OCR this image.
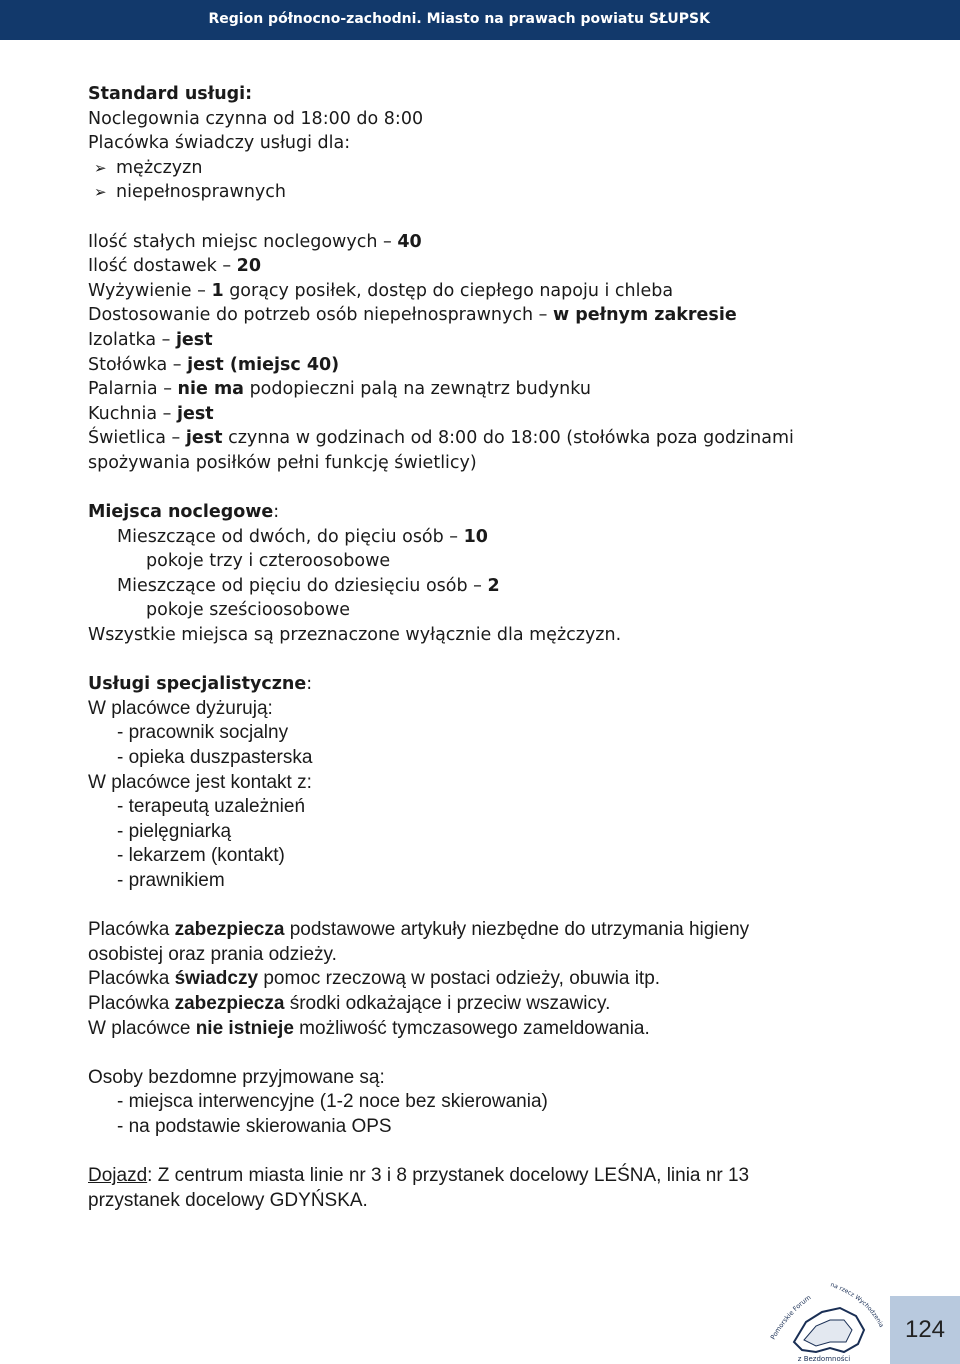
Region północno-zachodni. Miasto na prawach powiatu SŁUPSK
Standard usługi:
Noclegownia czynna od 18:00 do 8:00
Placówka świadczy usługi dla:
➢ mężczyzn
➢ niepełnosprawnych
Ilość stałych miejsc noclegowych – 40
Ilość dostawek – 20
Wyżywienie – 1 gorący posiłek, dostęp do ciepłego napoju i chleba
Dostosowanie do potrzeb osób niepełnosprawnych – w pełnym zakresie
Izolatka – jest
Stołówka – jest (miejsc 40)
Palarnia – nie ma podopieczni palą na zewnątrz budynku
Kuchnia – jest
Świetlica – jest czynna w godzinach od 8:00 do 18:00 (stołówka poza godzinami
spożywania posiłków pełni funkcję świetlicy)
Miejsca noclegowe:
Mieszczące od dwóch, do pięciu osób – 10
pokoje trzy i czteroosobowe
Mieszczące od pięciu do dziesięciu osób – 2
pokoje sześcioosobowe
Wszystkie miejsca są przeznaczone wyłącznie dla mężczyzn.
Usługi specjalistyczne:
W placówce dyżurują:
- pracownik socjalny
- opieka duszpasterska
W placówce jest kontakt z:
- terapeutą uzależnień
- pielęgniarką
- lekarzem (kontakt)
- prawnikiem
Placówka zabezpiecza podstawowe artykuły niezbędne do utrzymania higieny
osobistej oraz prania odzieży.
Placówka świadczy pomoc rzeczową w postaci odzieży, obuwia itp.
Placówka zabezpiecza środki odkażające i przeciw wszawicy.
W placówce nie istnieje możliwość tymczasowego zameldowania.
Osoby bezdomne przyjmowane są:
- miejsca interwencyjne (1-2 noce bez skierowania)
- na podstawie skierowania OPS
Dojazd: Z centrum miasta linie nr 3 i 8 przystanek docelowy LEŚNA, linia nr 13
przystanek docelowy GDYŃSKA.
Pomorskie Forum
na rzecz Wychodzenia
z Bezdomności
124
